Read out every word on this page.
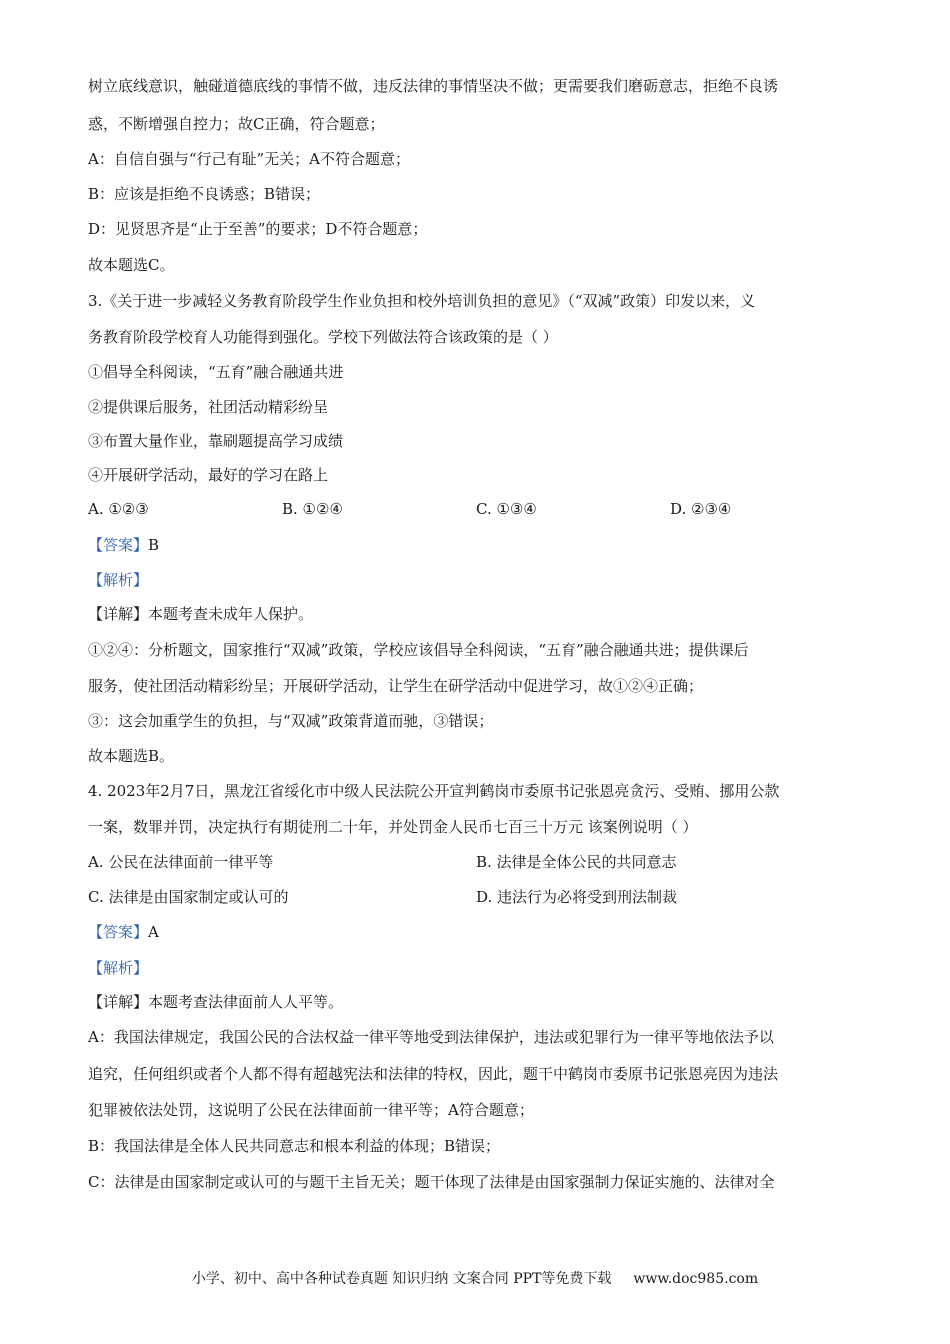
树立底线意识，触碰道德底线的事情不做，违反法律的事情坚决不做；更需要我们磨砺意志，拒绝不良诱
惑，不断增强自控力；故C正确，符合题意；
A：自信自强与“行己有耻”无关；A不符合题意；
B：应该是拒绝不良诱惑；B错误；
D：见贤思齐是“止于至善”的要求；D不符合题意；
故本题选C。
3.《关于进一步减轻义务教育阶段学生作业负担和校外培训负担的意见》（“双减”政策）印发以来，义
务教育阶段学校育人功能得到强化。学校下列做法符合该政策的是（ ）
①倡导全科阅读，“五育”融合融通共进
②提供课后服务，社团活动精彩纷呈
③布置大量作业，靠刷题提高学习成绩
④开展研学活动，最好的学习在路上
A. ①②③	B. ①②④	C. ①③④	D. ②③④
【答案】B
【解析】
【详解】本题考查未成年人保护。
①②④：分析题文，国家推行“双减”政策，学校应该倡导全科阅读，“五育”融合融通共进；提供课后
服务，使社团活动精彩纷呈；开展研学活动，让学生在研学活动中促进学习，故①②④正确；
③：这会加重学生的负担，与“双减”政策背道而驰，③错误；
故本题选B。
4. 2023年2月7日，黑龙江省绥化市中级人民法院公开宣判鹤岗市委原书记张恩亮贪污、受贿、挪用公款
一案，数罪并罚，决定执行有期徒刑二十年，并处罚金人民币七百三十万元 该案例说明（ ）
A. 公民在法律面前一律平等	B. 法律是全体公民的共同意志
C. 法律是由国家制定或认可的	D. 违法行为必将受到刑法制裁
【答案】A
【解析】
【详解】本题考查法律面前人人平等。
A：我国法律规定，我国公民的合法权益一律平等地受到法律保护，违法或犯罪行为一律平等地依法予以
追究，任何组织或者个人都不得有超越宪法和法律的特权，因此，题干中鹤岗市委原书记张恩亮因为违法
犯罪被依法处罚，这说明了公民在法律面前一律平等；A符合题意；
B：我国法律是全体人民共同意志和根本利益的体现；B错误；
C：法律是由国家制定或认可的与题干主旨无关；题干体现了法律是由国家强制力保证实施的、法律对全
小学、初中、高中各种试卷真题 知识归纳 文案合同 PPT等免费下载 www.doc985.com
